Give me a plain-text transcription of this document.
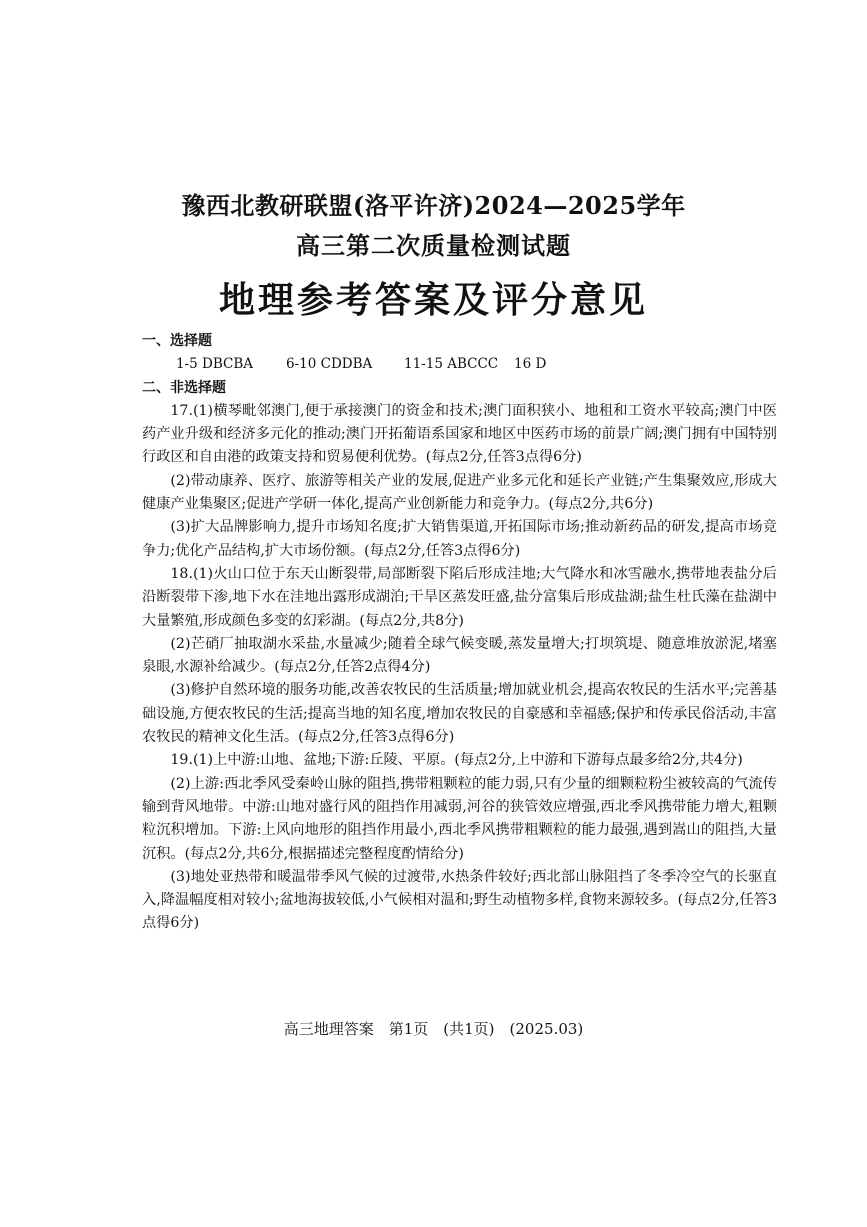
豫西北教研联盟(洛平许济)2024—2025学年
高三第二次质量检测试题
地理参考答案及评分意见
一、选择题
1-5 DBCBA 6-10 CDDBA 11-15 ABCCC 16 D
二、非选择题

17.(1)横琴毗邻澳门,便于承接澳门的资金和技术;澳门面积狭小、地租和工资水平较高;澳门中医药产业升级和经济多元化的推动;澳门开拓葡语系国家和地区中医药市场的前景广阔;澳门拥有中国特别行政区和自由港的政策支持和贸易便利优势。(每点2分,任答3点得6分)

(2)带动康养、医疗、旅游等相关产业的发展,促进产业多元化和延长产业链;产生集聚效应,形成大健康产业集聚区;促进产学研一体化,提高产业创新能力和竞争力。(每点2分,共6分)

(3)扩大品牌影响力,提升市场知名度;扩大销售渠道,开拓国际市场;推动新药品的研发,提高市场竞争力;优化产品结构,扩大市场份额。(每点2分,任答3点得6分)

18.(1)火山口位于东天山断裂带,局部断裂下陷后形成洼地;大气降水和冰雪融水,携带地表盐分后沿断裂带下渗,地下水在洼地出露形成湖泊;干旱区蒸发旺盛,盐分富集后形成盐湖;盐生杜氏藻在盐湖中大量繁殖,形成颜色多变的幻彩湖。(每点2分,共8分)

(2)芒硝厂抽取湖水采盐,水量减少;随着全球气候变暖,蒸发量增大;打坝筑堤、随意堆放淤泥,堵塞泉眼,水源补给减少。(每点2分,任答2点得4分)

(3)修护自然环境的服务功能,改善农牧民的生活质量;增加就业机会,提高农牧民的生活水平;完善基础设施,方便农牧民的生活;提高当地的知名度,增加农牧民的自豪感和幸福感;保护和传承民俗活动,丰富农牧民的精神文化生活。(每点2分,任答3点得6分)

19.(1)上中游:山地、盆地;下游:丘陵、平原。(每点2分,上中游和下游每点最多给2分,共4分)

(2)上游:西北季风受秦岭山脉的阻挡,携带粗颗粒的能力弱,只有少量的细颗粒粉尘被较高的气流传输到背风地带。中游:山地对盛行风的阻挡作用减弱,河谷的狭管效应增强,西北季风携带能力增大,粗颗粒沉积增加。下游:上风向地形的阻挡作用最小,西北季风携带粗颗粒的能力最强,遇到嵩山的阻挡,大量沉积。(每点2分,共6分,根据描述完整程度酌情给分)

(3)地处亚热带和暖温带季风气候的过渡带,水热条件较好;西北部山脉阻挡了冬季冷空气的长驱直入,降温幅度相对较小;盆地海拔较低,小气候相对温和;野生动植物多样,食物来源较多。(每点2分,任答3点得6分)

高三地理答案　第1页　(共1页)　(2025.03)
